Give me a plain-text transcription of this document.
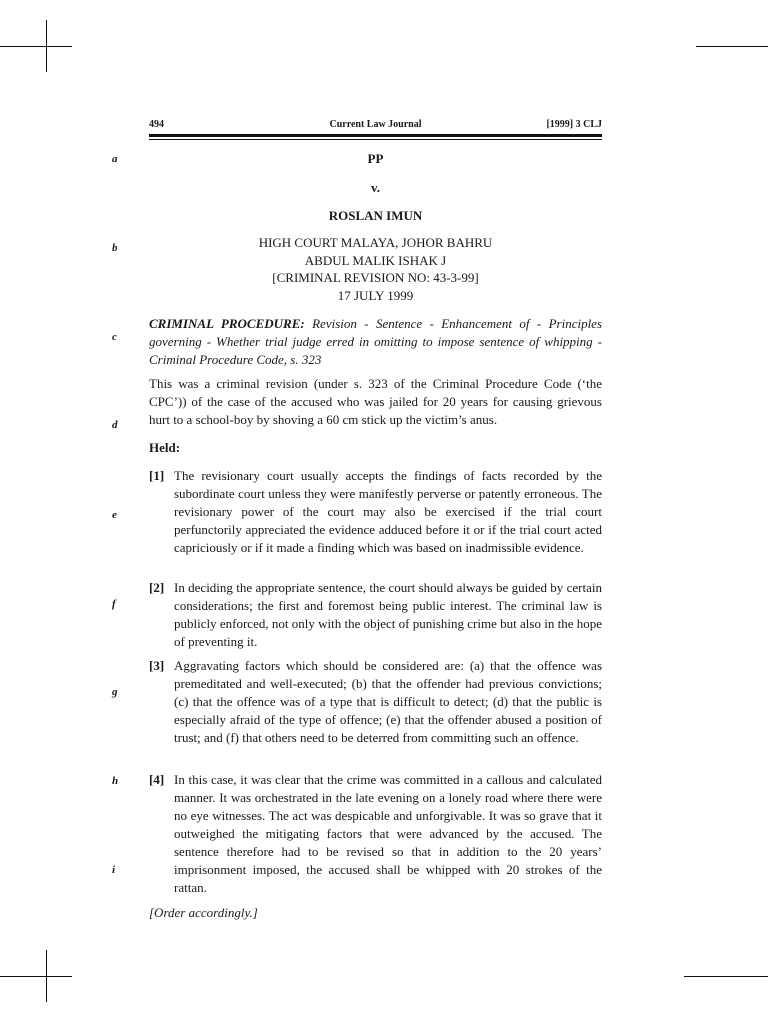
494	Current Law Journal	[1999] 3 CLJ
a
b
c
d
e
f
g
h
i
PP
v.
ROSLAN IMUN
HIGH COURT MALAYA, JOHOR BAHRU
ABDUL MALIK ISHAK J
[CRIMINAL REVISION NO: 43-3-99]
17 JULY 1999
CRIMINAL PROCEDURE: Revision - Sentence - Enhancement of - Principles governing - Whether trial judge erred in omitting to impose sentence of whipping - Criminal Procedure Code, s. 323
This was a criminal revision (under s. 323 of the Criminal Procedure Code (‘the CPC’)) of the case of the accused who was jailed for 20 years for causing grievous hurt to a school-boy by shoving a 60 cm stick up the victim’s anus.
Held:
[1] The revisionary court usually accepts the findings of facts recorded by the subordinate court unless they were manifestly perverse or patently erroneous. The revisionary power of the court may also be exercised if the trial court perfunctorily appreciated the evidence adduced before it or if the trial court acted capriciously or if it made a finding which was based on inadmissible evidence.
[2] In deciding the appropriate sentence, the court should always be guided by certain considerations; the first and foremost being public interest. The criminal law is publicly enforced, not only with the object of punishing crime but also in the hope of preventing it.
[3] Aggravating factors which should be considered are: (a) that the offence was premeditated and well-executed; (b) that the offender had previous convictions; (c) that the offence was of a type that is difficult to detect; (d) that the public is especially afraid of the type of offence; (e) that the offender abused a position of trust; and (f) that others need to be deterred from committing such an offence.
[4] In this case, it was clear that the crime was committed in a callous and calculated manner. It was orchestrated in the late evening on a lonely road where there were no eye witnesses. The act was despicable and unforgivable. It was so grave that it outweighed the mitigating factors that were advanced by the accused. The sentence therefore had to be revised so that in addition to the 20 years’ imprisonment imposed, the accused shall be whipped with 20 strokes of the rattan.
[Order accordingly.]
